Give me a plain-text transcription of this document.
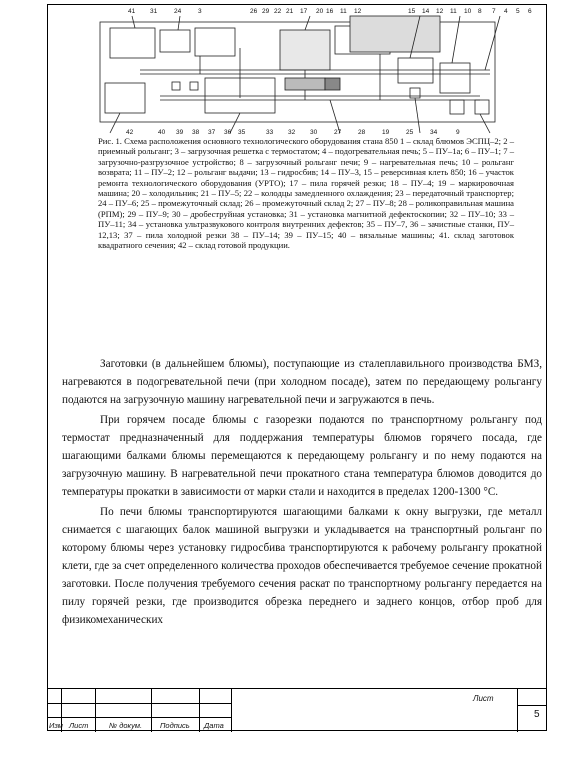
41 31	24	3	26 29 22 21 17 20 16 11 12	15 14 12 11 10 8 7 4 5 6
42	40 39 38 37 36 35	33 32 30	27	28	19	25	34	9
Рис. 1. Схема расположения основного технологического оборудования стана 850 1 – склад блюмов ЭСПЦ–2; 2 – приемный рольганг; 3 – загрузочная решетка с термостатом; 4 – подогревательная печь; 5 – ПУ–1а; 6 – ПУ–1; 7 – загрузочно-разгрузочное устройство; 8 – загрузочный рольганг печи; 9 – нагревательная печь; 10 – рольганг возврата; 11 – ПУ–2; 12 – рольганг выдачи; 13 – гидросбив; 14 – ПУ–3, 15 – реверсивная клеть 850; 16 – участок ремонта технологического оборудования (УРТО); 17 – пила горячей резки; 18 – ПУ–4; 19 – маркировочная машина; 20 – холодильник; 21 – ПУ–5; 22 – колодцы замедленного охлаждения; 23 – передаточный транспортер; 24 – ПУ–6; 25 – промежуточный склад; 26 – промежуточный склад 2; 27 – ПУ–8; 28 – роликоправильная машина (РПМ); 29 – ПУ–9; 30 – дробеструйная установка; 31 – установка магнитной дефектоскопии; 32 – ПУ–10; 33 – ПУ–11; 34 – установка ультразвукового контроля внутренних дефектов; 35 – ПУ–7, 36 – зачистные станки, ПУ–12,13; 37 – пила холодной резки 38 – ПУ–14; 39 – ПУ–15; 40 – вязальные машины; 41. склад заготовок квадратного сечения; 42 – склад готовой продукции.

Заготовки (в дальнейшем блюмы), поступающие из сталеплавильного производства БМЗ, нагреваются в подогревательной печи (при холодном посаде), затем по передающему рольгангу подаются на загрузочную машину нагревательной печи и загружаются в печь.

При горячем посаде блюмы с газорезки подаются по транспортному рольгангу под термостат предназначенный для поддержания температуры блюмов горячего посада, где шагающими балками блюмы перемещаются к передающему рольгангу и по нему подаются на загрузочную машину. В нагревательной печи прокатного стана температура блюмов доводится до температуры прокатки в зависимости от марки стали и находится в пределах 1200-1300 °С.

По печи блюмы транспортируются шагающими балками к окну выгрузки, где металл снимается с шагающих балок машиной выгрузки и укладывается на транспортный рольганг по которому блюмы через установку гидросбива транспортируются к рабочему рольгангу прокатной клети, где за счет определенного количества проходов обеспечивается требуемое сечение прокатной заготовки. После получения требуемого сечения раскат по транспортному рольгангу передается на пилу горячей резки, где производится обрезка переднего и заднего концов, отбор проб для физикомеханических

Изм Лист	№ докум. Подпись Дата
Лист
5
